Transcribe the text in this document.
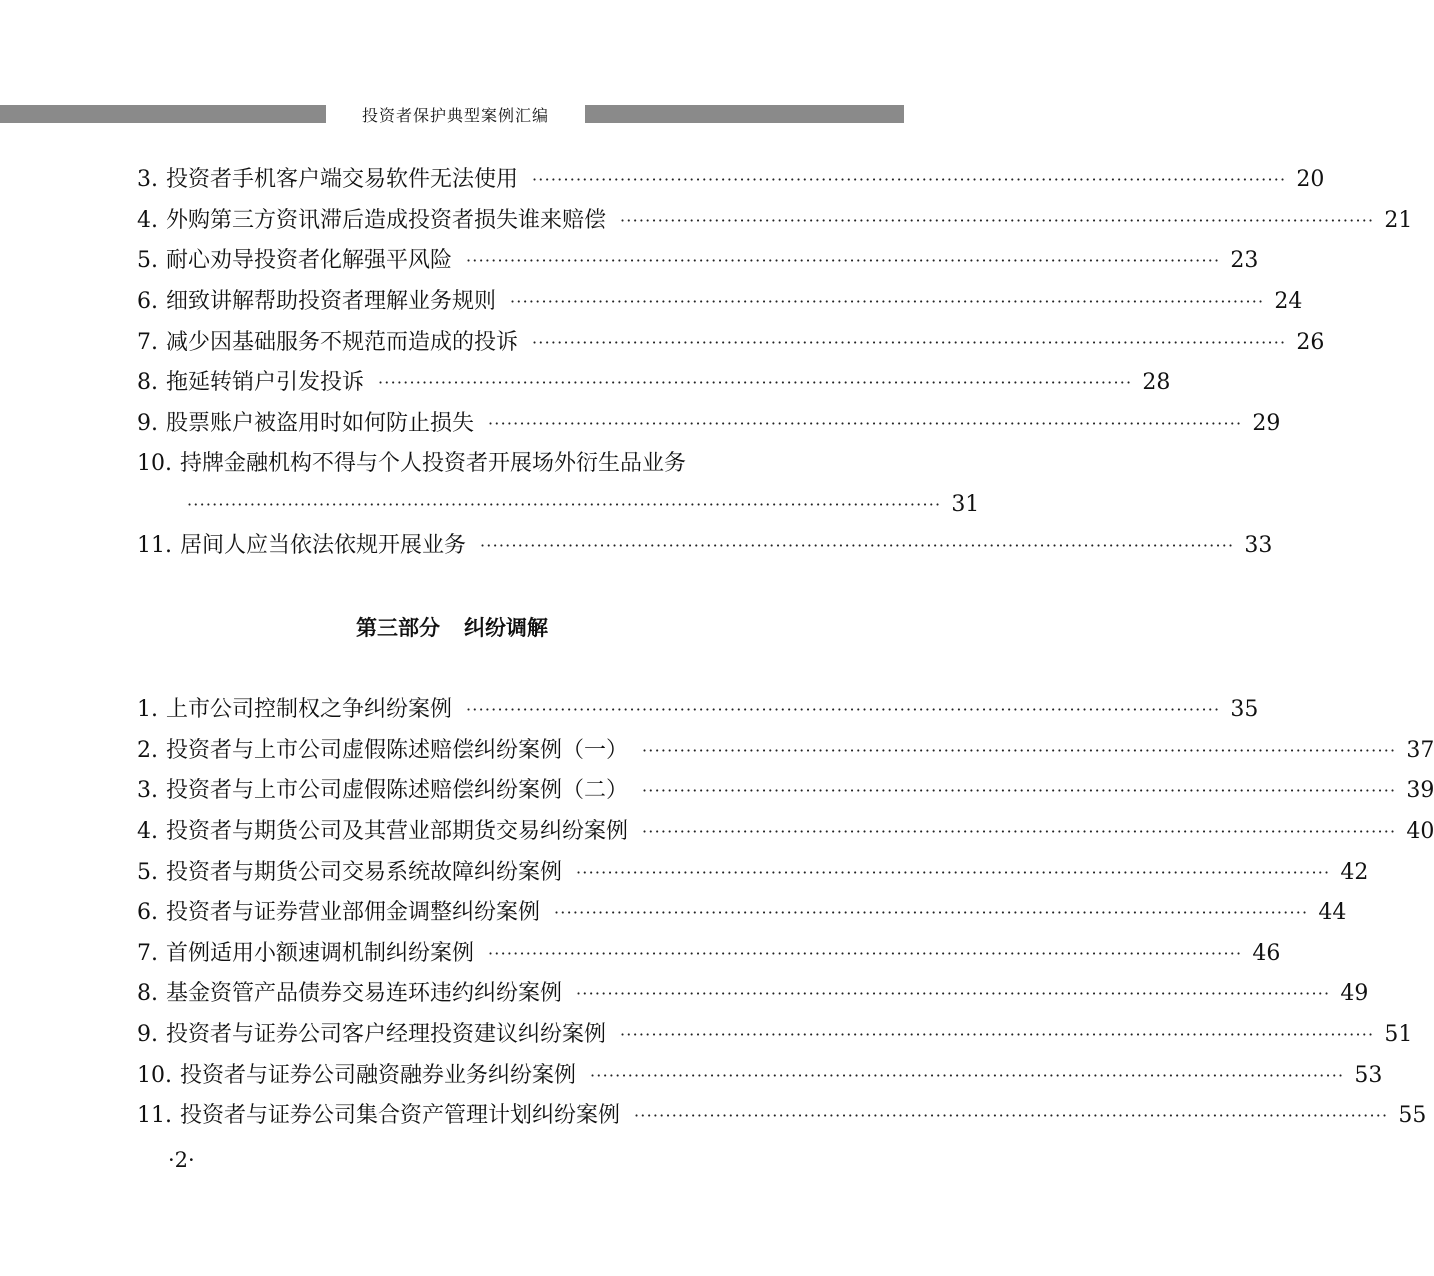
投资者保护典型案例汇编
3. 投资者手机客户端交易软件无法使用 ························································································································ 20
4. 外购第三方资讯滞后造成投资者损失谁来赔偿 ························································································································ 21
5. 耐心劝导投资者化解强平风险 ························································································································ 23
6. 细致讲解帮助投资者理解业务规则 ························································································································ 24
7. 减少因基础服务不规范而造成的投诉 ························································································································ 26
8. 拖延转销户引发投诉 ························································································································ 28
9. 股票账户被盗用时如何防止损失 ························································································································ 29
10. 持牌金融机构不得与个人投资者开展场外衍生品业务
························································································································ 31
11. 居间人应当依法依规开展业务 ························································································································ 33
第三部分 纠纷调解
1. 上市公司控制权之争纠纷案例 ························································································································ 35
2. 投资者与上市公司虚假陈述赔偿纠纷案例（一） ························································································································ 37
3. 投资者与上市公司虚假陈述赔偿纠纷案例（二） ························································································································ 39
4. 投资者与期货公司及其营业部期货交易纠纷案例 ························································································································ 40
5. 投资者与期货公司交易系统故障纠纷案例 ························································································································ 42
6. 投资者与证券营业部佣金调整纠纷案例 ························································································································ 44
7. 首例适用小额速调机制纠纷案例 ························································································································ 46
8. 基金资管产品债券交易连环违约纠纷案例 ························································································································ 49
9. 投资者与证券公司客户经理投资建议纠纷案例 ························································································································ 51
10. 投资者与证券公司融资融券业务纠纷案例 ························································································································ 53
11. 投资者与证券公司集合资产管理计划纠纷案例 ························································································································ 55
·2·
